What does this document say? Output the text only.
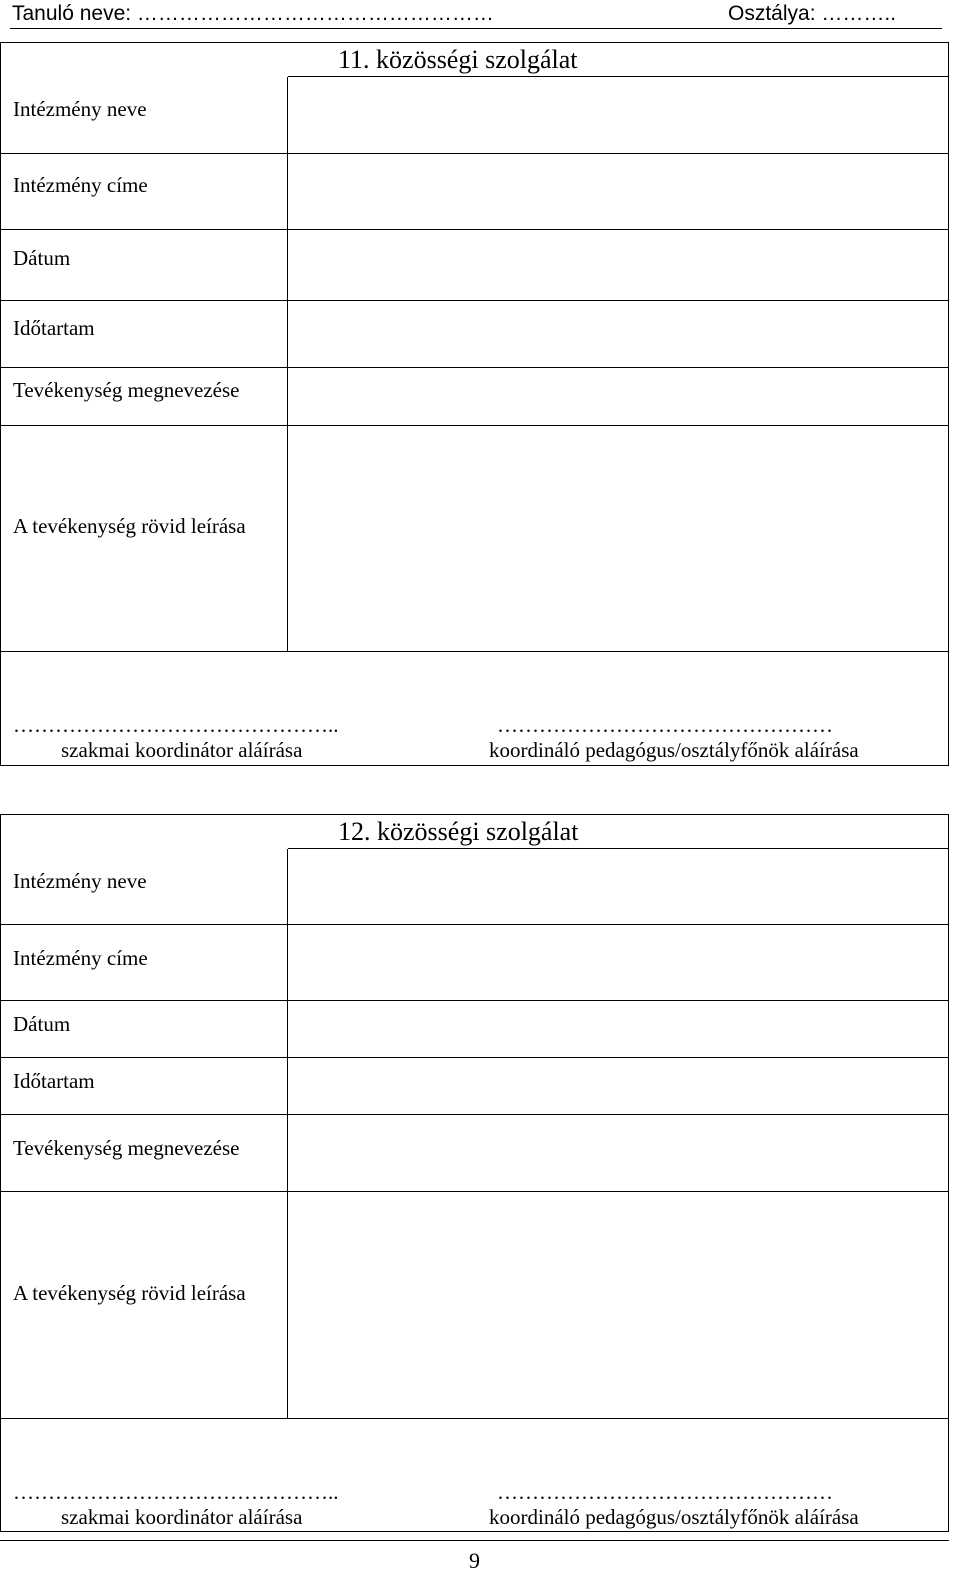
Tanuló neve: ……………………………………………	Osztálya: ………..
11. közösségi szolgálat
Intézmény neve
Intézmény címe
Dátum
Időtartam
Tevékenység megnevezése
A tevékenység rövid leírása
………………………………………..
szakmai koordinátor aláírása
…………………………………………
koordináló pedagógus/osztályfőnök aláírása
12. közösségi szolgálat
Intézmény neve
Intézmény címe
Dátum
Időtartam
Tevékenység megnevezése
A tevékenység rövid leírása
………………………………………..
szakmai koordinátor aláírása
…………………………………………
koordináló pedagógus/osztályfőnök aláírása
9
